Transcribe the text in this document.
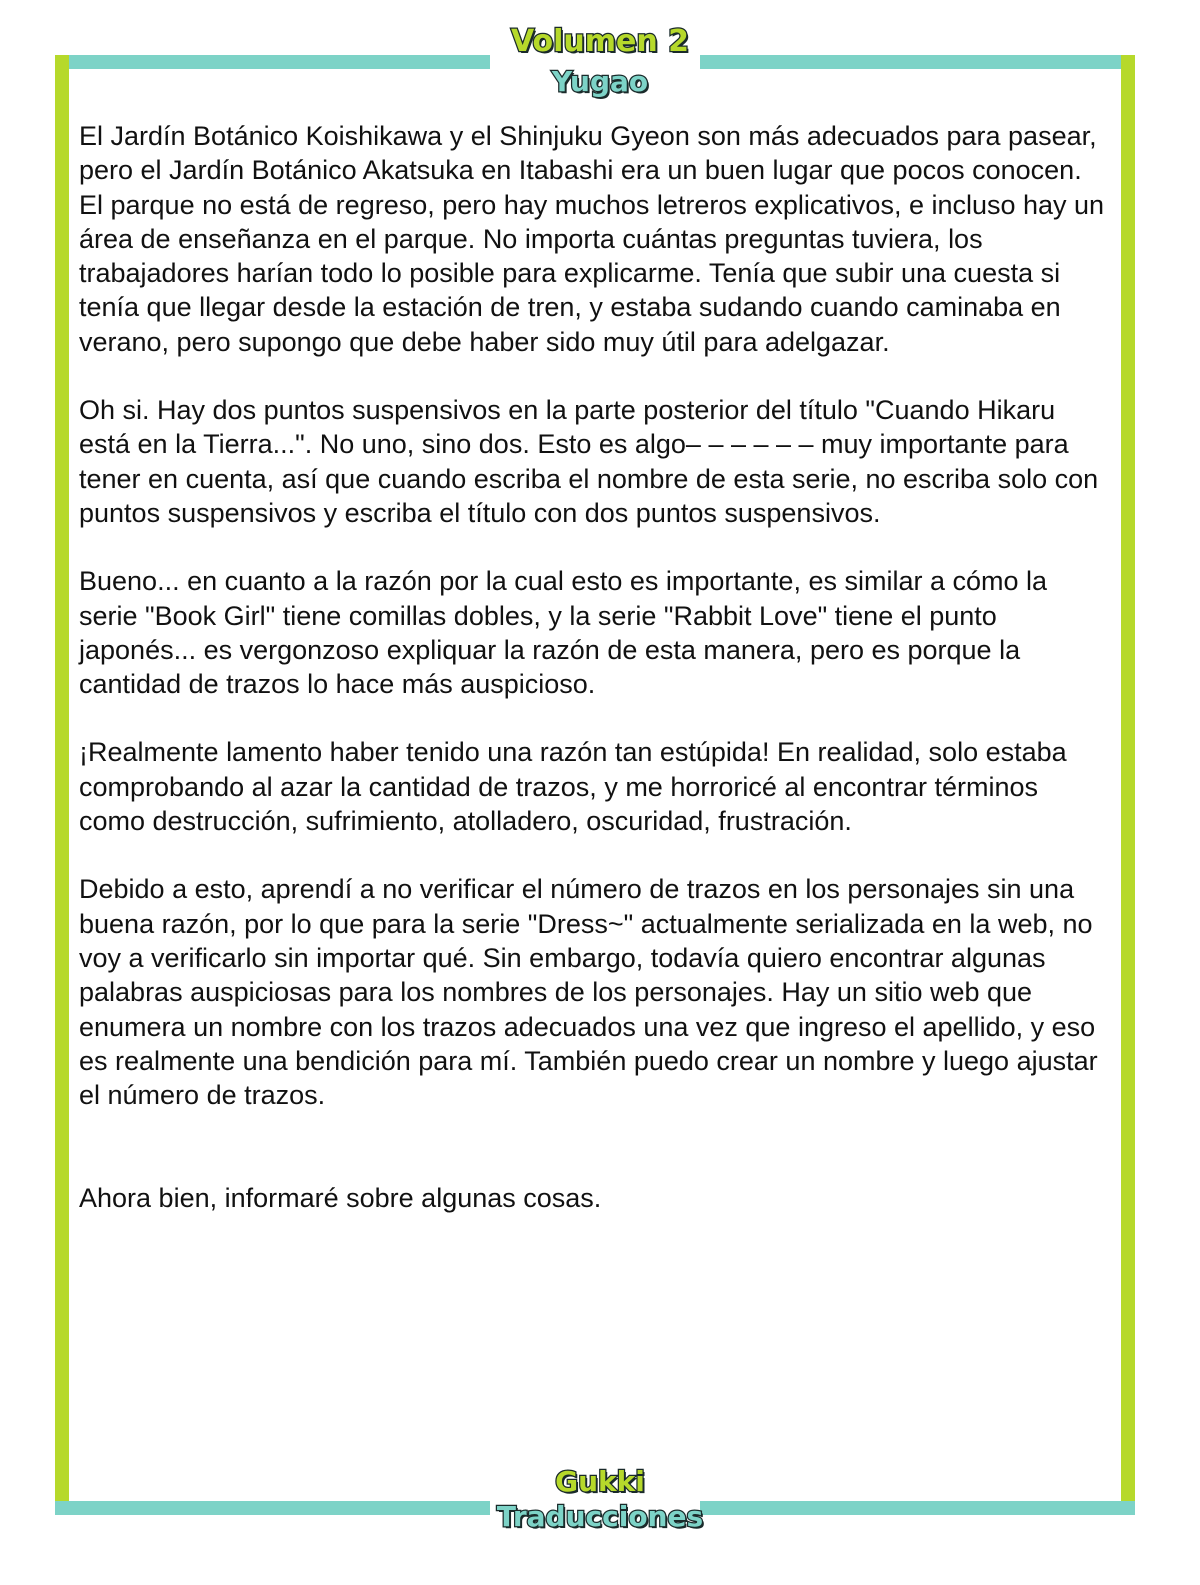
Volumen 2
Yugao

El Jardín Botánico Koishikawa y el Shinjuku Gyeon son más adecuados para pasear, pero el Jardín Botánico Akatsuka en Itabashi era un buen lugar que pocos conocen. El parque no está de regreso, pero hay muchos letreros explicativos, e incluso hay un área de enseñanza en el parque. No importa cuántas preguntas tuviera, los trabajadores harían todo lo posible para explicarme. Tenía que subir una cuesta si tenía que llegar desde la estación de tren, y estaba sudando cuando caminaba en verano, pero supongo que debe haber sido muy útil para adelgazar.

Oh si. Hay dos puntos suspensivos en la parte posterior del título "Cuando Hikaru está en la Tierra...". No uno, sino dos. Esto es algo– – – – – – muy importante para tener en cuenta, así que cuando escriba el nombre de esta serie, no escriba solo con puntos suspensivos y escriba el título con dos puntos suspensivos.

Bueno... en cuanto a la razón por la cual esto es importante, es similar a cómo la serie "Book Girl" tiene comillas dobles, y la serie "Rabbit Love" tiene el punto japonés... es vergonzoso expliquar la razón de esta manera, pero es porque la cantidad de trazos lo hace más auspicioso.

¡Realmente lamento haber tenido una razón tan estúpida! En realidad, solo estaba comprobando al azar la cantidad de trazos, y me horroricé al encontrar términos como destrucción, sufrimiento, atolladero, oscuridad, frustración.

Debido a esto, aprendí a no verificar el número de trazos en los personajes sin una buena razón, por lo que para la serie "Dress~" actualmente serializada en la web, no voy a verificarlo sin importar qué. Sin embargo, todavía quiero encontrar algunas palabras auspiciosas para los nombres de los personajes. Hay un sitio web que enumera un nombre con los trazos adecuados una vez que ingreso el apellido, y eso es realmente una bendición para mí. También puedo crear un nombre y luego ajustar el número de trazos.

Ahora bien, informaré sobre algunas cosas.

Gukki
Traducciones
